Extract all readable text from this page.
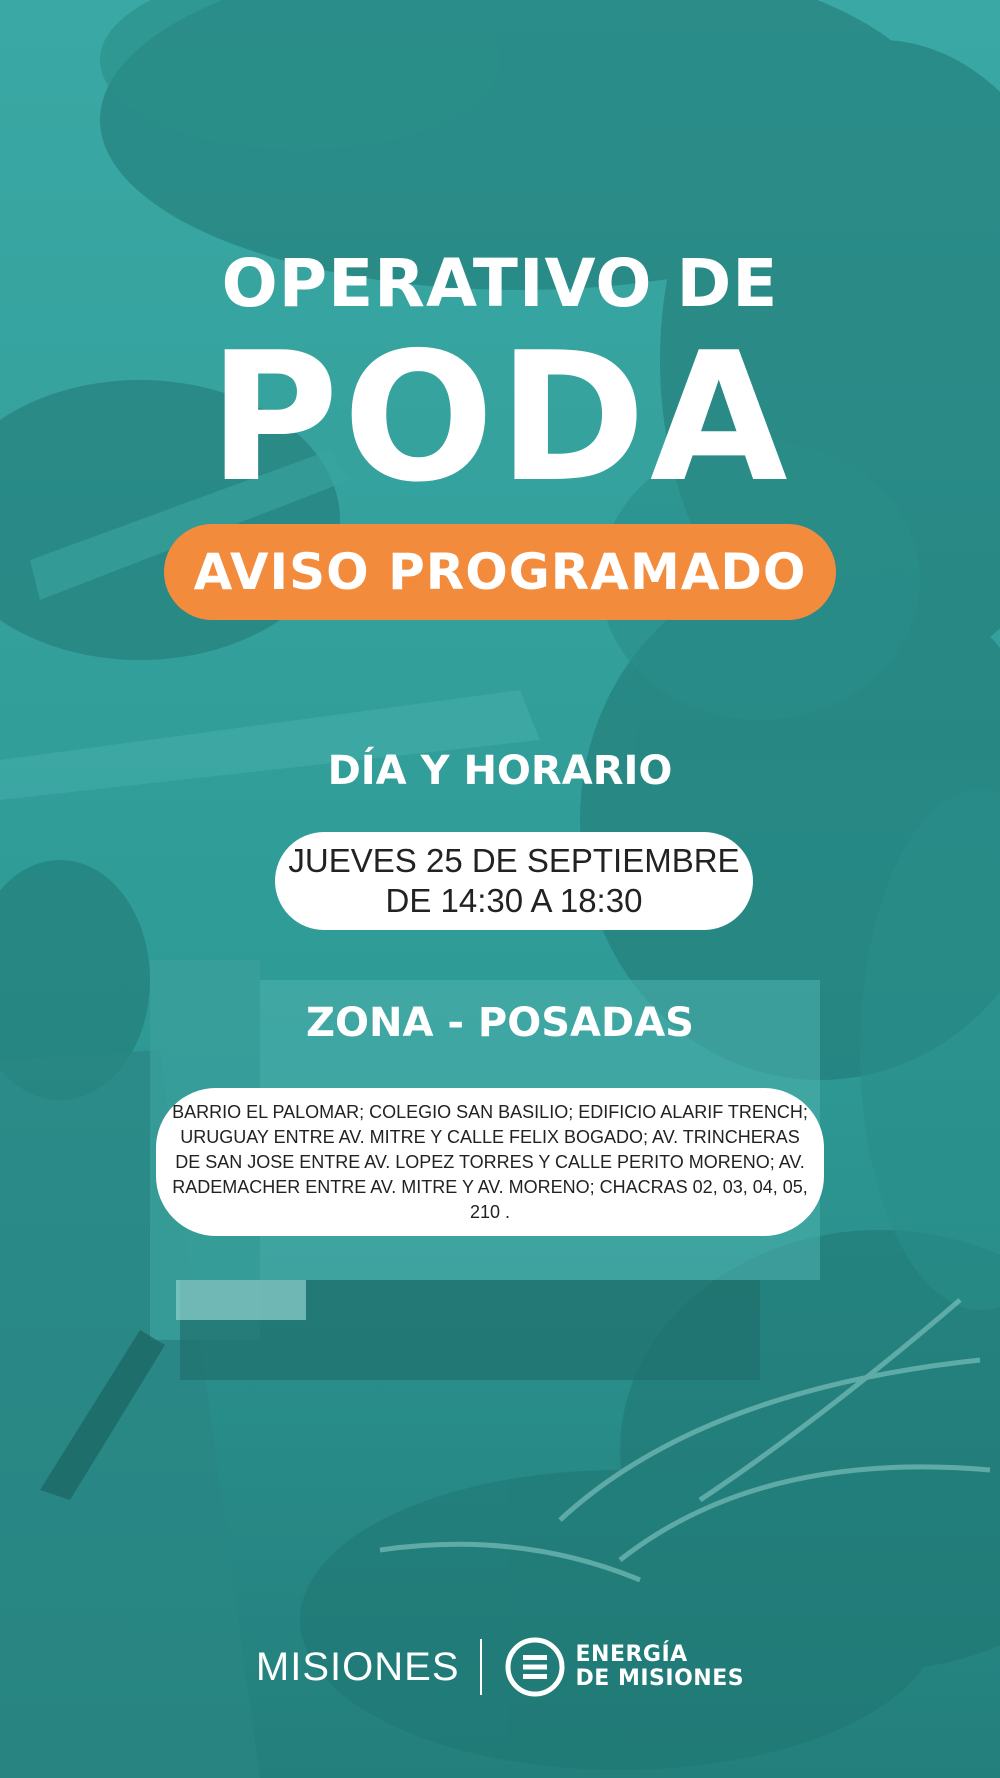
OPERATIVO DE
PODA
AVISO PROGRAMADO
DÍA Y HORARIO
JUEVES 25 DE SEPTIEMBRE
DE 14:30 A 18:30
ZONA - POSADAS
BARRIO EL PALOMAR; COLEGIO SAN BASILIO; EDIFICIO ALARIF TRENCH; URUGUAY ENTRE AV. MITRE Y CALLE FELIX BOGADO; AV. TRINCHERAS DE SAN JOSE ENTRE AV. LOPEZ TORRES Y CALLE PERITO MORENO; AV. RADEMACHER ENTRE AV. MITRE Y AV. MORENO; CHACRAS 02, 03, 04, 05, 210 .
MISIONES	ENERGÍA
DE MISIONES
